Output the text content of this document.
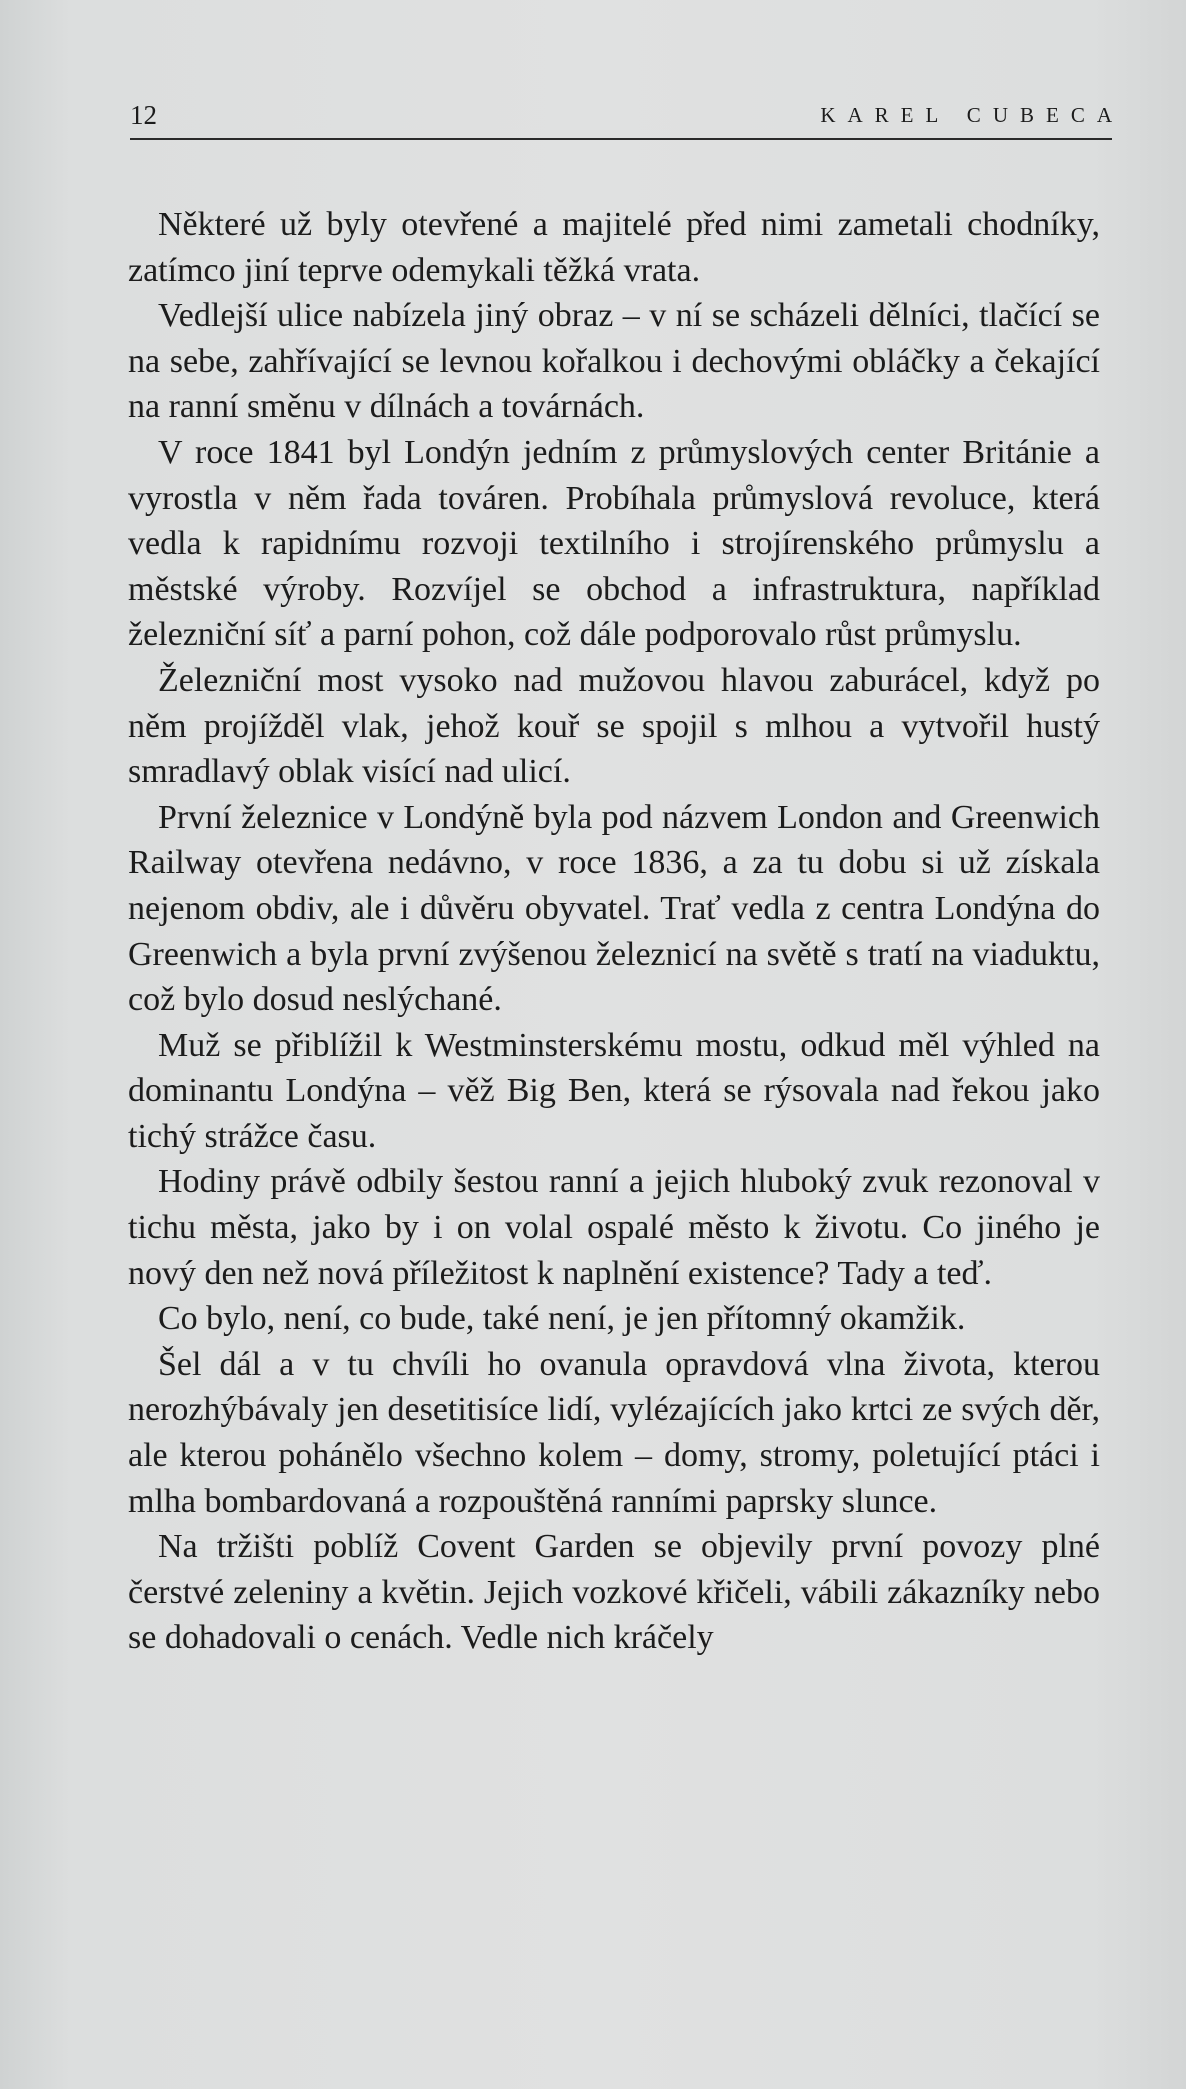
12	KAREL CUBECA

Některé už byly otevřené a majitelé před nimi zametali chodníky, zatímco jiní teprve odemykali těžká vrata.

Vedlejší ulice nabízela jiný obraz – v ní se scházeli dělníci, tlačící se na sebe, zahřívající se levnou kořalkou i dechovými obláčky a čekající na ranní směnu v dílnách a továrnách.

V roce 1841 byl Londýn jedním z průmyslových center Británie a vyrostla v něm řada továren. Probíhala průmyslová revoluce, která vedla k rapidnímu rozvoji textilního i strojírenského průmyslu a městské výroby. Rozvíjel se obchod a infrastruktura, například železniční síť a parní pohon, což dále podporovalo růst průmyslu.

Železniční most vysoko nad mužovou hlavou zaburácel, když po něm projížděl vlak, jehož kouř se spojil s mlhou a vytvořil hustý smradlavý oblak visící nad ulicí.

První železnice v Londýně byla pod názvem London and Greenwich Railway otevřena nedávno, v roce 1836, a za tu dobu si už získala nejenom obdiv, ale i důvěru obyvatel. Trať vedla z centra Londýna do Greenwich a byla první zvýšenou železnicí na světě s tratí na viaduktu, což bylo dosud neslýchané.

Muž se přiblížil k Westminsterskému mostu, odkud měl výhled na dominantu Londýna – věž Big Ben, která se rýsovala nad řekou jako tichý strážce času.

Hodiny právě odbily šestou ranní a jejich hluboký zvuk rezonoval v tichu města, jako by i on volal ospalé město k životu. Co jiného je nový den než nová příležitost k naplnění existence? Tady a teď.

Co bylo, není, co bude, také není, je jen přítomný okamžik.

Šel dál a v tu chvíli ho ovanula opravdová vlna života, kterou nerozhýbávaly jen desetitisíce lidí, vylézajících jako krtci ze svých děr, ale kterou pohánělo všechno kolem – domy, stromy, poletující ptáci i mlha bombardovaná a rozpouštěná ranními paprsky slunce.

Na tržišti poblíž Covent Garden se objevily první povozy plné čerstvé zeleniny a květin. Jejich vozkové křičeli, vábili zákazníky nebo se dohadovali o cenách. Vedle nich kráčely
